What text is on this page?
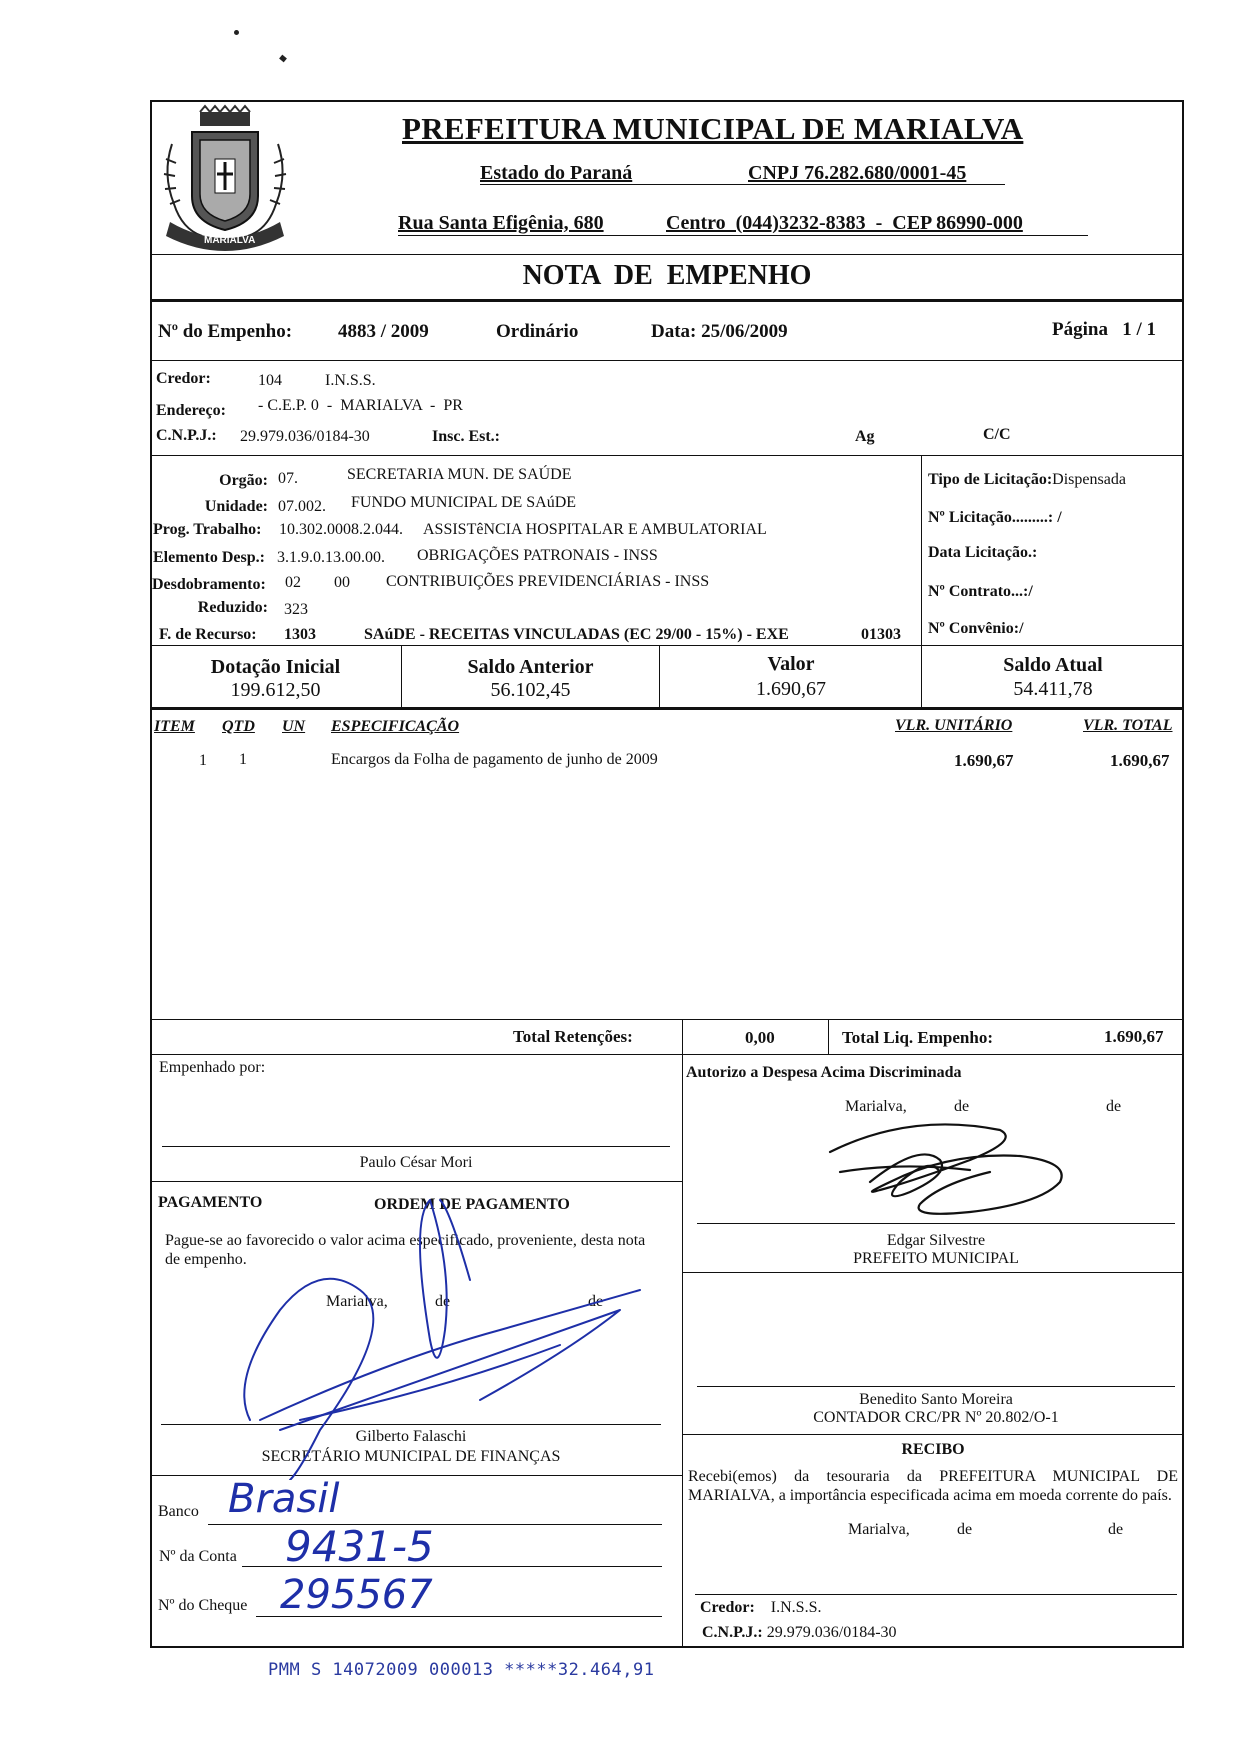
MARIALVA
PREFEITURA MUNICIPAL DE MARIALVA
Estado do Paraná	CNPJ 76.282.680/0001-45
Rua Santa Efigênia, 680	Centro  (044)3232-8383  -  CEP 86990-000
NOTA  DE  EMPENHO
Nº do Empenho: 4883 / 2009	Ordinário	Data: 25/06/2009	Página   1 / 1
Credor:	104	I.N.S.S.
Endereço: - C.E.P. 0  -  MARIALVA  -  PR
C.N.P.J.: 29.979.036/0184-30	Insc. Est.:	Ag	C/C
Orgão: 07.	SECRETARIA MUN. DE SAÚDE
Unidade: 07.002. FUNDO MUNICIPAL DE SAúDE
Prog. Trabalho: 10.302.0008.2.044. ASSISTêNCIA HOSPITALAR E AMBULATORIAL
Elemento Desp.: 3.1.9.0.13.00.00. OBRIGAÇÕES PATRONAIS - INSS
Desdobramento: 02 00 CONTRIBUIÇÕES PREVIDENCIÁRIAS - INSS
Reduzido: 323
F. de Recurso: 1303	SAúDE - RECEITAS VINCULADAS (EC 29/00 - 15%) - EXE	01303
Tipo de Licitação:Dispensada
Nº Licitação.........: /
Data Licitação.:
Nº Contrato...:/
Nº Convênio:/
Dotação Inicial
199.612,50
Saldo Anterior
56.102,45
Valor
1.690,67
Saldo Atual
54.411,78
ITEM QTD UN ESPECIFICAÇÃO	VLR. UNITÁRIO	VLR. TOTAL
1 1	Encargos da Folha de pagamento de junho de 2009	1.690,67	1.690,67
Total Retenções:	0,00	Total Liq. Empenho:	1.690,67
Empenhado por:
Paulo César Mori
PAGAMENTO	ORDEM DE PAGAMENTO
Pague-se ao favorecido o valor acima especificado, proveniente, desta nota de empenho.
Marialva,	de	de
Gilberto Falaschi
SECRETÁRIO MUNICIPAL DE FINANÇAS
Banco Brasil
Nº da Conta 9431-5
Nº do Cheque 295567
Autorizo a Despesa Acima Discriminada
Marialva,	de	de
Edgar Silvestre
PREFEITO MUNICIPAL
Benedito Santo Moreira
CONTADOR CRC/PR Nº 20.802/O-1
RECIBO
Recebi(emos) da tesouraria da PREFEITURA MUNICIPAL DE MARIALVA, a importância especificada acima em moeda corrente do país.
Marialva,	de	de
Credor: I.N.S.S.
C.N.P.J.: 29.979.036/0184-30
PMM S 14072009 000013 *****32.464,91
